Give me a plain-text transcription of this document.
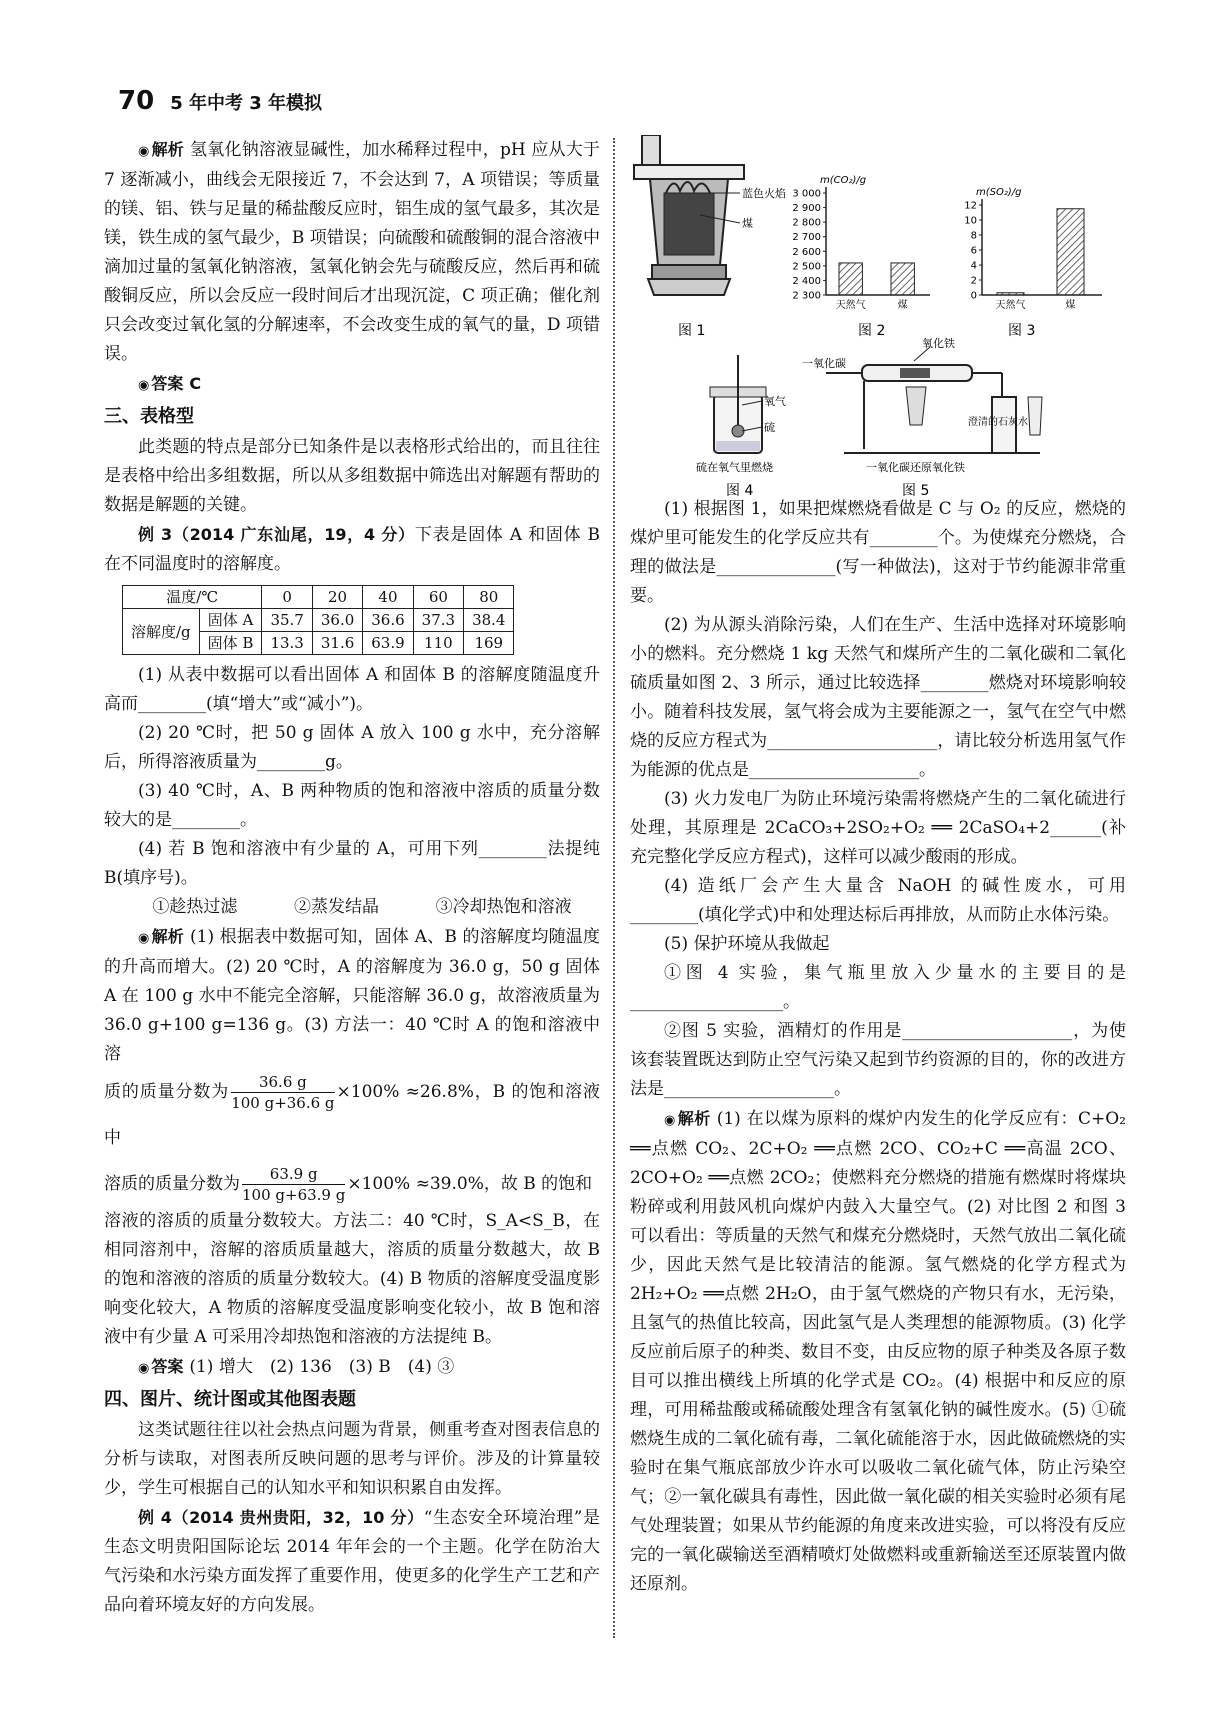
70 5 年中考 3 年模拟

◉ 解析 氢氧化钠溶液显碱性，加水稀释过程中，pH 应从大于 7 逐渐减小，曲线会无限接近 7，不会达到 7，A 项错误；等质量的镁、铝、铁与足量的稀盐酸反应时，铝生成的氢气最多，其次是镁，铁生成的氢气最少，B 项错误；向硫酸和硫酸铜的混合溶液中滴加过量的氢氧化钠溶液，氢氧化钠会先与硫酸反应，然后再和硫酸铜反应，所以会反应一段时间后才出现沉淀，C 项正确；催化剂只会改变过氧化氢的分解速率，不会改变生成的氧气的量，D 项错误。

◉ 答案 C

三、表格型

此类题的特点是部分已知条件是以表格形式给出的，而且往往是表格中给出多组数据，所以从多组数据中筛选出对解题有帮助的数据是解题的关键。

例 3（2014 广东汕尾，19，4 分）下表是固体 A 和固体 B 在不同温度时的溶解度。

温度/℃		0	20	40	60	80
溶解度/g	固体 A	35.7	36.0	36.6	37.3	38.4
	固体 B	13.3	31.6	63.9	110	169

(1) 从表中数据可以看出固体 A 和固体 B 的溶解度随温度升高而________(填“增大”或“减小”)。

(2) 20 ℃时，把 50 g 固体 A 放入 100 g 水中，充分溶解后，所得溶液质量为________g。

(3) 40 ℃时，A、B 两种物质的饱和溶液中溶质的质量分数较大的是________。

(4) 若 B 饱和溶液中有少量的 A，可用下列________法提纯 B(填序号)。

①趁热过滤	②蒸发结晶	③冷却热饱和溶液

◉ 解析 (1) 根据表中数据可知，固体 A、B 的溶解度均随温度的升高而增大。(2) 20 ℃时，A 的溶解度为 36.0 g，50 g 固体 A 在 100 g 水中不能完全溶解，只能溶解 36.0 g，故溶液质量为 36.0 g+100 g=136 g。(3) 方法一：40 ℃时 A 的饱和溶液中溶

质的质量分数为 $\frac{36.6 g}{100 g+36.6 g} \times 100\% \approx 26.8\%$，B 的饱和溶液中

溶质的质量分数为 $\frac{63.9 g}{100 g+63.9 g} \times 100\% \approx 39.0\%$，故 B 的饱和

溶液的溶质的质量分数较大。方法二：40 ℃时，S_A<S_B，在相同溶剂中，溶解的溶质质量越大，溶质的质量分数越大，故 B 的饱和溶液的溶质的质量分数较大。(4) B 物质的溶解度受温度影响变化较大，A 物质的溶解度受温度影响变化较小，故 B 饱和溶液中有少量 A 可采用冷却热饱和溶液的方法提纯 B。

◉ 答案 (1) 增大　(2) 136　(3) B　(4) ③

四、图片、统计图或其他图表题

这类试题往往以社会热点问题为背景，侧重考查对图表信息的分析与读取，对图表所反映问题的思考与评价。涉及的计算量较少，学生可根据自己的认知水平和知识积累自由发挥。

例 4（2014 贵州贵阳，32，10 分）“生态安全环境治理”是生态文明贵阳国际论坛 2014 年年会的一个主题。化学在防治大气污染和水污染方面发挥了重要作用，使更多的化学生产工艺和产品向着环境友好的方向发展。

蓝色火焰
煤
图 1
m(CO₂)/g
2 300
2 400
2 500
2 600
2 700
2 800
2 900
3 000
天然气	煤
图 2
m(SO₂)/g
0
2
4
6
8
10
12
天然气	煤
图 3
氧气
硫
硫在氧气里燃烧
图 4
一氧化碳
氧化铁
澄清的石灰水
一氧化碳还原氧化铁
图 5

(1) 根据图 1，如果把煤燃烧看做是 C 与 O₂ 的反应，燃烧的煤炉里可能发生的化学反应共有________个。为使煤充分燃烧，合理的做法是______________(写一种做法)，这对于节约能源非常重要。

(2) 为从源头消除污染，人们在生产、生活中选择对环境影响小的燃料。充分燃烧 1 kg 天然气和煤所产生的二氧化碳和二氧化硫质量如图 2、3 所示，通过比较选择________燃烧对环境影响较小。随着科技发展，氢气将会成为主要能源之一，氢气在空气中燃烧的反应方程式为____________________，请比较分析选用氢气作为能源的优点是____________________。

(3) 火力发电厂为防止环境污染需将燃烧产生的二氧化硫进行处理，其原理是 2CaCO₃+2SO₂+O₂ ══ 2CaSO₄+2______(补充完整化学反应方程式)，这样可以减少酸雨的形成。

(4) 造纸厂会产生大量含 NaOH 的碱性废水，可用________(填化学式)中和处理达标后再排放，从而防止水体污染。

(5) 保护环境从我做起

①图 4 实验，集气瓶里放入少量水的主要目的是__________________。

②图 5 实验，酒精灯的作用是____________________，为使该套装置既达到防止空气污染又起到节约资源的目的，你的改进方法是____________________。

◉ 解析 (1) 在以煤为原料的煤炉内发生的化学反应有：C+O₂ ══点燃 CO₂、2C+O₂ ══点燃 2CO、CO₂+C ══高温 2CO、2CO+O₂ ══点燃 2CO₂；使燃料充分燃烧的措施有燃煤时将煤块粉碎或利用鼓风机向煤炉内鼓入大量空气。(2) 对比图 2 和图 3 可以看出：等质量的天然气和煤充分燃烧时，天然气放出二氧化硫少，因此天然气是比较清洁的能源。氢气燃烧的化学方程式为 2H₂+O₂ ══点燃 2H₂O，由于氢气燃烧的产物只有水，无污染，且氢气的热值比较高，因此氢气是人类理想的能源物质。(3) 化学反应前后原子的种类、数目不变，由反应物的原子种类及各原子数目可以推出横线上所填的化学式是 CO₂。(4) 根据中和反应的原理，可用稀盐酸或稀硫酸处理含有氢氧化钠的碱性废水。(5) ①硫燃烧生成的二氧化硫有毒，二氧化硫能溶于水，因此做硫燃烧的实验时在集气瓶底部放少许水可以吸收二氧化硫气体，防止污染空气；②一氧化碳具有毒性，因此做一氧化碳的相关实验时必须有尾气处理装置；如果从节约能源的角度来改进实验，可以将没有反应完的一氧化碳输送至酒精喷灯处做燃料或重新输送至还原装置内做还原剂。
